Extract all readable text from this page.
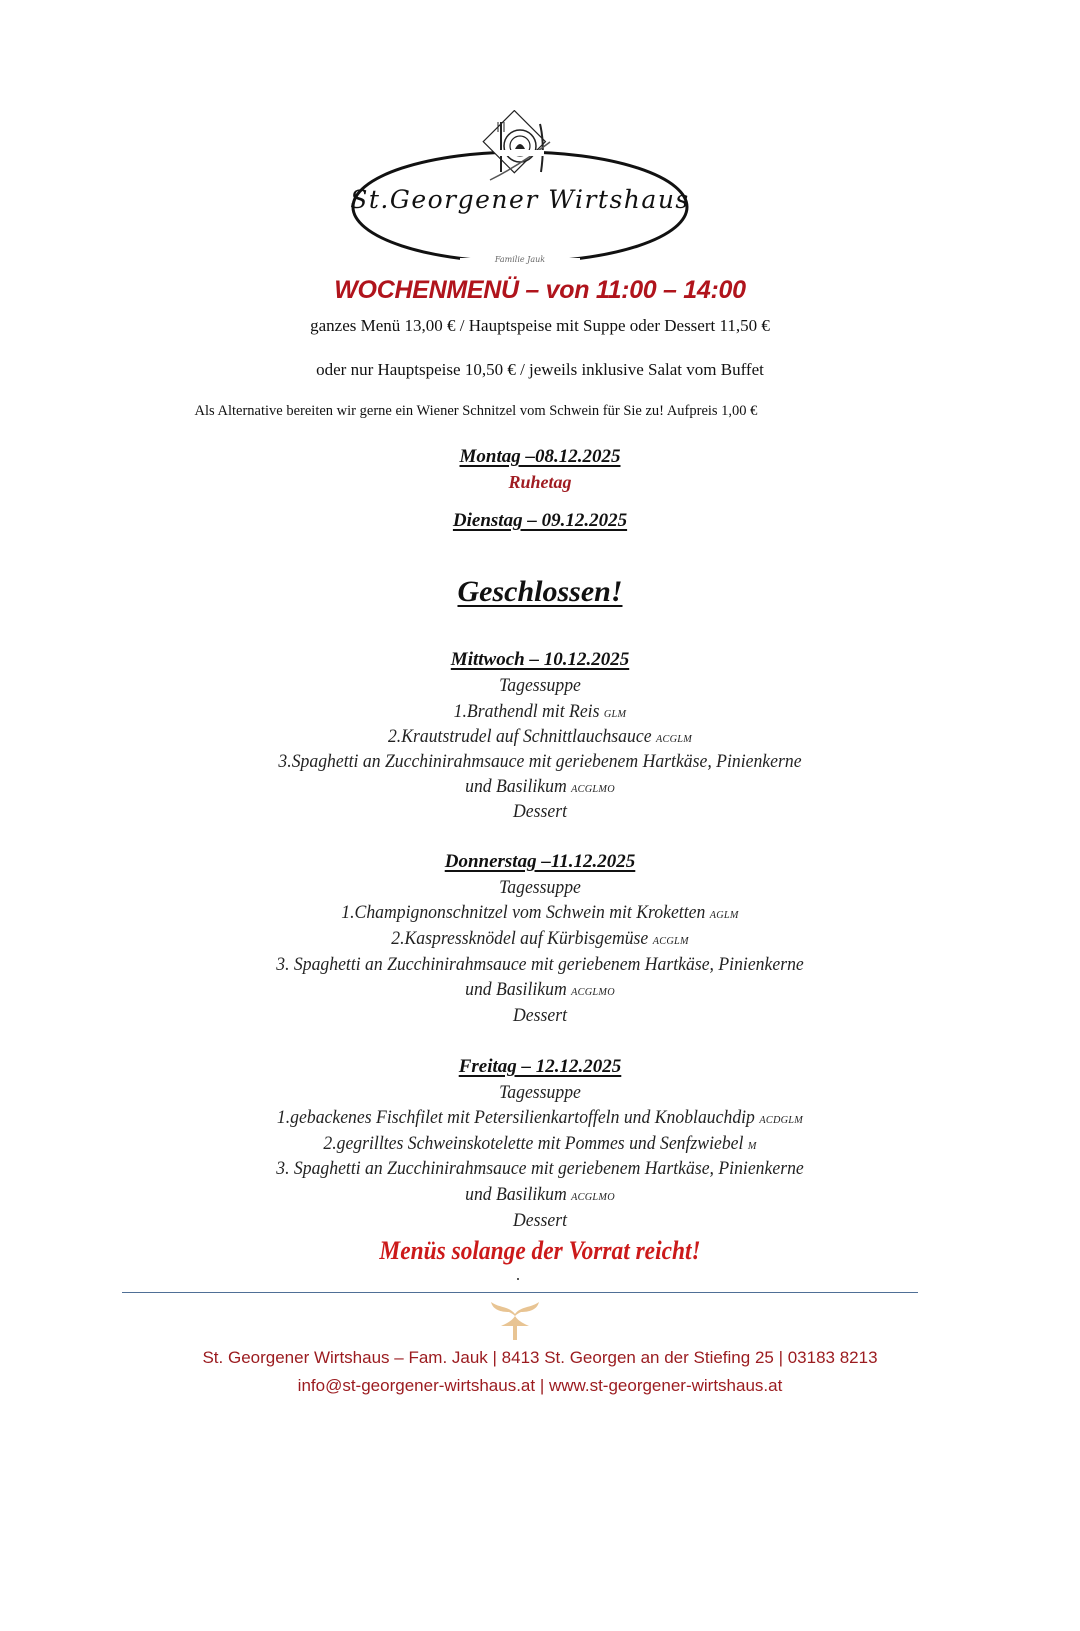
St.Georgener Wirtshaus
Familie Jauk
WOCHENMENÜ – von 11:00 – 14:00
ganzes Menü 13,00 € / Hauptspeise mit Suppe oder Dessert 11,50 €
oder nur Hauptspeise 10,50 € / jeweils inklusive Salat vom Buffet
Als Alternative bereiten wir gerne ein Wiener Schnitzel vom Schwein für Sie zu! Aufpreis 1,00 €
Montag –08.12.2025
Ruhetag
Dienstag – 09.12.2025
Geschlossen!
Mittwoch – 10.12.2025
Tagessuppe
1.Brathendl mit Reis GLM
2.Krautstrudel auf Schnittlauchsauce ACGLM
3.Spaghetti an Zucchinirahmsauce mit geriebenem Hartkäse, Pinienkerne
und Basilikum ACGLMO
Dessert
Donnerstag –11.12.2025
Tagessuppe
1.Champignonschnitzel vom Schwein mit Kroketten AGLM
2.Kaspressknödel auf Kürbisgemüse ACGLM
3. Spaghetti an Zucchinirahmsauce mit geriebenem Hartkäse, Pinienkerne
und Basilikum ACGLMO
Dessert
Freitag – 12.12.2025
Tagessuppe
1.gebackenes Fischfilet mit Petersilienkartoffeln und Knoblauchdip ACDGLM
2.gegrilltes Schweinskotelette mit Pommes und Senfzwiebel M
3. Spaghetti an Zucchinirahmsauce mit geriebenem Hartkäse, Pinienkerne
und Basilikum ACGLMO
Dessert
Menüs solange der Vorrat reicht!
St. Georgener Wirtshaus – Fam. Jauk | 8413 St. Georgen an der Stiefing 25 | 03183 8213
info@st-georgener-wirtshaus.at | www.st-georgener-wirtshaus.at
